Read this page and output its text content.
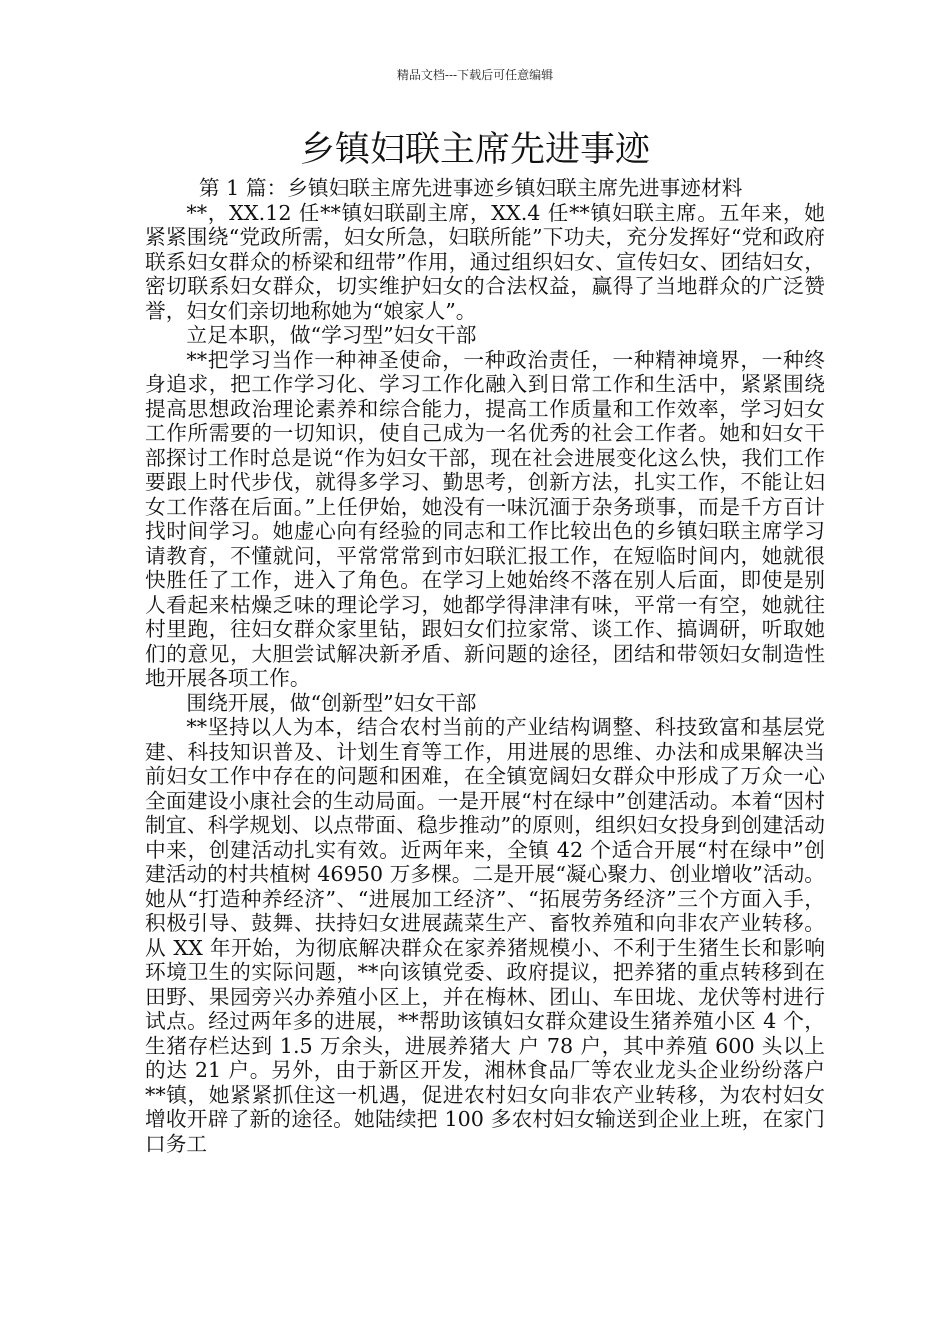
精品文档---下载后可任意编辑
乡镇妇联主席先进事迹

第 1 篇：乡镇妇联主席先进事迹乡镇妇联主席先进事迹材料

**，XX.12 任**镇妇联副主席，XX.4 任**镇妇联主席。五年来，她紧紧围绕“党政所需，妇女所急，妇联所能”下功夫，充分发挥好“党和政府联系妇女群众的桥梁和纽带”作用，通过组织妇女、宣传妇女、团结妇女，密切联系妇女群众，切实维护妇女的合法权益，赢得了当地群众的广泛赞誉，妇女们亲切地称她为“娘家人”。

立足本职，做“学习型”妇女干部

**把学习当作一种神圣使命，一种政治责任，一种精神境界，一种终身追求，把工作学习化、学习工作化融入到日常工作和生活中，紧紧围绕提高思想政治理论素养和综合能力，提高工作质量和工作效率，学习妇女工作所需要的一切知识，使自己成为一名优秀的社会工作者。她和妇女干部探讨工作时总是说“作为妇女干部，现在社会进展变化这么快，我们工作要跟上时代步伐，就得多学习、勤思考，创新方法，扎实工作，不能让妇女工作落在后面。”上任伊始，她没有一味沉湎于杂务琐事，而是千方百计找时间学习。她虚心向有经验的同志和工作比较出色的乡镇妇联主席学习请教育，不懂就问，平常常常到市妇联汇报工作，在短临时间内，她就很快胜任了工作，进入了角色。在学习上她始终不落在别人后面，即使是别人看起来枯燥乏味的理论学习，她都学得津津有味，平常一有空，她就往村里跑，往妇女群众家里钻，跟妇女们拉家常、谈工作、搞调研，听取她们的意见，大胆尝试解决新矛盾、新问题的途径，团结和带领妇女制造性地开展各项工作。

围绕开展，做“创新型”妇女干部

**坚持以人为本，结合农村当前的产业结构调整、科技致富和基层党建、科技知识普及、计划生育等工作，用进展的思维、办法和成果解决当前妇女工作中存在的问题和困难，在全镇宽阔妇女群众中形成了万众一心全面建设小康社会的生动局面。一是开展“村在绿中”创建活动。本着“因村制宜、科学规划、以点带面、稳步推动”的原则，组织妇女投身到创建活动中来，创建活动扎实有效。近两年来，全镇 42 个适合开展“村在绿中”创建活动的村共植树 46950 万多棵。二是开展“凝心聚力、创业增收”活动。她从“打造种养经济”、“进展加工经济”、“拓展劳务经济”三个方面入手，积极引导、鼓舞、扶持妇女进展蔬菜生产、畜牧养殖和向非农产业转移。从 XX 年开始，为彻底解决群众在家养猪规模小、不利于生猪生长和影响环境卫生的实际问题，**向该镇党委、政府提议，把养猪的重点转移到在田野、果园旁兴办养殖小区上，并在梅林、团山、车田垅、龙伏等村进行试点。经过两年多的进展，**帮助该镇妇女群众建设生猪养殖小区 4 个，生猪存栏达到 1.5 万余头，进展养猪大 户 78 户，其中养殖 600 头以上的达 21 户。另外，由于新区开发，湘林食品厂等农业龙头企业纷纷落户**镇，她紧紧抓住这一机遇，促进农村妇女向非农产业转移，为农村妇女增收开辟了新的途径。她陆续把 100 多农村妇女输送到企业上班，在家门口务工
